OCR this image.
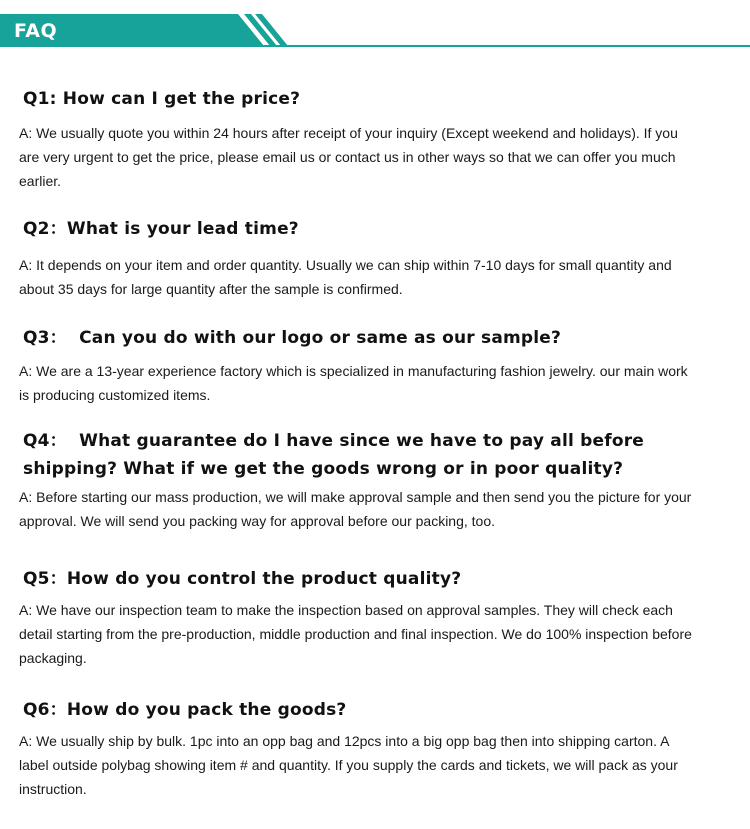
FAQ
Q1: How can I get the price?
A: We usually quote you within 24 hours after receipt of your inquiry (Except weekend and holidays). If you are very urgent to get the price, please email us or contact us in other ways so that we can offer you much earlier.
Q2：What is your lead time?
A: It depends on your item and order quantity. Usually we can ship within 7-10 days for small quantity and about 35 days for large quantity after the sample is confirmed.
Q3：  Can you do with our logo or same as our sample?
A: We are a 13-year experience factory which is specialized in manufacturing fashion jewelry. our main work is producing customized items.
Q4：  What guarantee do I have since we have to pay all before shipping? What if we get the goods wrong or in poor quality?
A: Before starting our mass production, we will make approval sample and then send you the picture for your approval. We will send you packing way for approval before our packing, too.
Q5：How do you control the product quality?
A: We have our inspection team to make the inspection based on approval samples. They will check each detail starting from the pre-production, middle production and final inspection. We do 100% inspection before packaging.
Q6：How do you pack the goods?
A: We usually ship by bulk. 1pc into an opp bag and 12pcs into a big opp bag then into shipping carton. A label outside polybag showing item # and quantity. If you supply the cards and tickets, we will pack as your instruction.
